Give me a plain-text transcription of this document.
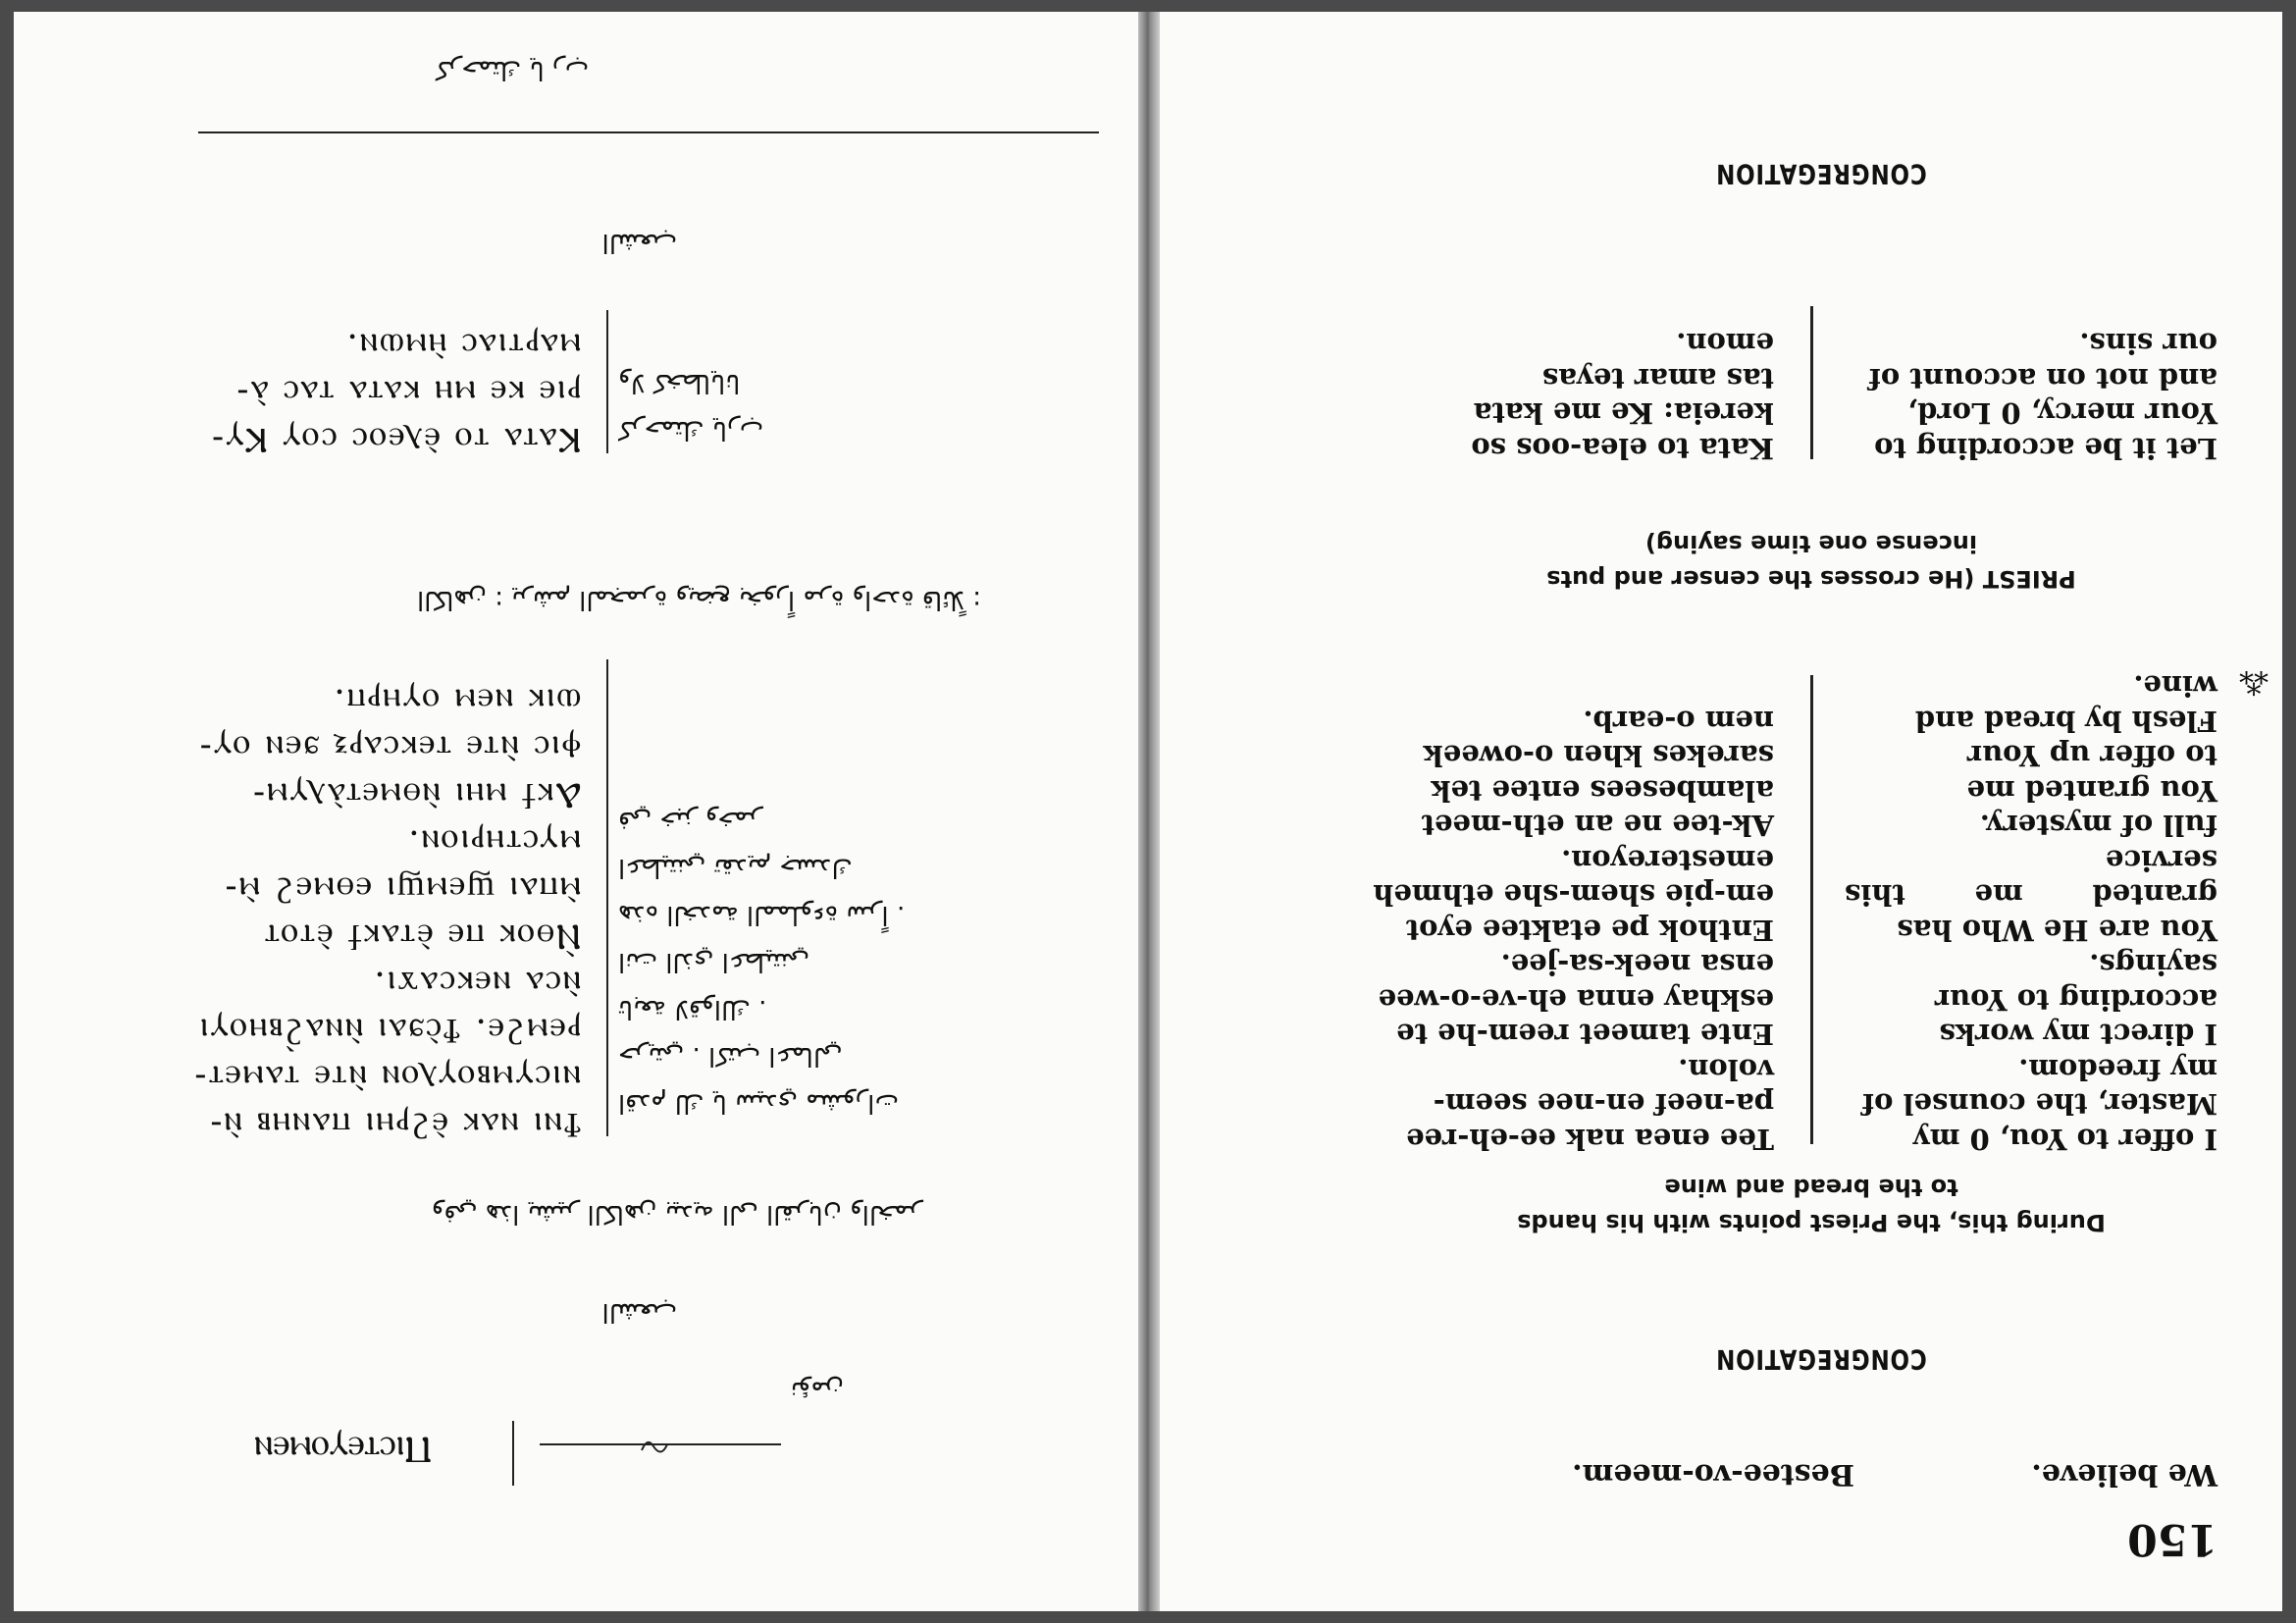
150
We believe.
Bestee-vo-meem.
CONGREGATION
During this, the Priest points with his hands
to the bread and wine
I offer to You, 0 my
Master, the counsel of
my freedom.
I direct my works
according to Your
sayings.
You are He Who has
granted me this service
full of mystery.
You granted me
to offer up Your
Flesh by bread and
wine.
Tee enea nak ee-eh-ree
pa-neef en-nee seem-
volon.
Ente tameet reem-he te
eskhay enna eh-ve-o-wee
ensa neek-sa-jee.
Enthok pe etaktee eyot
em-pie shem-she ethmeh
emestereyon.
Ak-tee ne an eth-meet
alambesees entee tek
sarekes khen o-oweek
nem o-earb.
⁂
PRIEST (He crosses the censer and puts
incense one time saying)
Let it be according to
Your mercy, 0 Lord,
and not on account of
our sins.
Kata to elea-oos so
kereia: Ke me kata
tas amar teyas
emon.
CONGREGATION
Ⲡⲓⲥⲧⲉⲩⲟⲙⲉⲛ
نؤمن
الشعب
وفي هذا يشير الكاهن بيديه الى القربان والخمر
Ϯⲛⲓ ⲛⲁⲕ ⲉ̀ϩⲣⲏⲓ ⲡⲁⲛⲏⲃ ⲛ̀-
ⲛⲓⲥⲩⲙⲃⲟⲩⲗⲟⲛ ⲛ̀ⲧⲉ ⲧⲁⲙⲉⲧ-
ⲣⲉⲙϩⲉ. Ϯⲥ̀ϧⲁⲓ ⲛ̀ⲛⲁϩ̀ⲃⲏⲟⲩⲓ
ⲛ̀ⲥⲁ ⲛⲉⲕⲥⲁϫⲓ.
Ⲛ̀ⲑⲟⲕ ⲡⲉ ⲉ̀ⲧⲁⲕϯ ⲉ̀ⲧⲟⲧ
ⲙ̀ⲡⲁⲓ ϣⲉⲙϣⲓ ⲉⲑⲙⲉϩ ⲙ̀-
ⲙⲩⲥⲧⲏⲣⲓⲟⲛ.
Ⲁⲕϯ ⲙⲏⲓ ⲛ̀ⲑⲙⲉⲧⲁ̀ⲗⲩⲙ-
ⲫⲓⲥ ⲛ̀ⲧⲉ ⲧⲉⲕⲥⲁⲣⲝ ϧⲉⲛ ⲟⲩ-
ⲱⲓⲕ ⲛⲉⲙ ⲟⲩⲏⲣⲡ.
اقدم لك يا سيدي مشورات
حريتي . اكتب اعمالي
تابعة لاقوالك .
انت الذي اعطيتني
هذه الخدمة المملوءة سراً .
اعطيتني تقديم جسدك
في خبز وخمر
الكاهن : يرشم المجمرة ويضع بخوراً مرة واحدة قائلاً :
Ⲕⲁⲧⲁ ⲧⲟ ⲉ̀ⲗⲉⲟⲥ ⲥⲟⲩ Ⲕⲩ-
ⲣⲓⲉ ⲕⲉ ⲙⲏ ⲕⲁⲧⲁ ⲧⲁⲥ ⲁ̀-
ⲙⲁⲣⲧⲓⲁⲥ ⲏ̀ⲙⲱⲛ.
كرحمتك يارب
ولا كخطايانا
الشعب
كرحمتك يا رب
